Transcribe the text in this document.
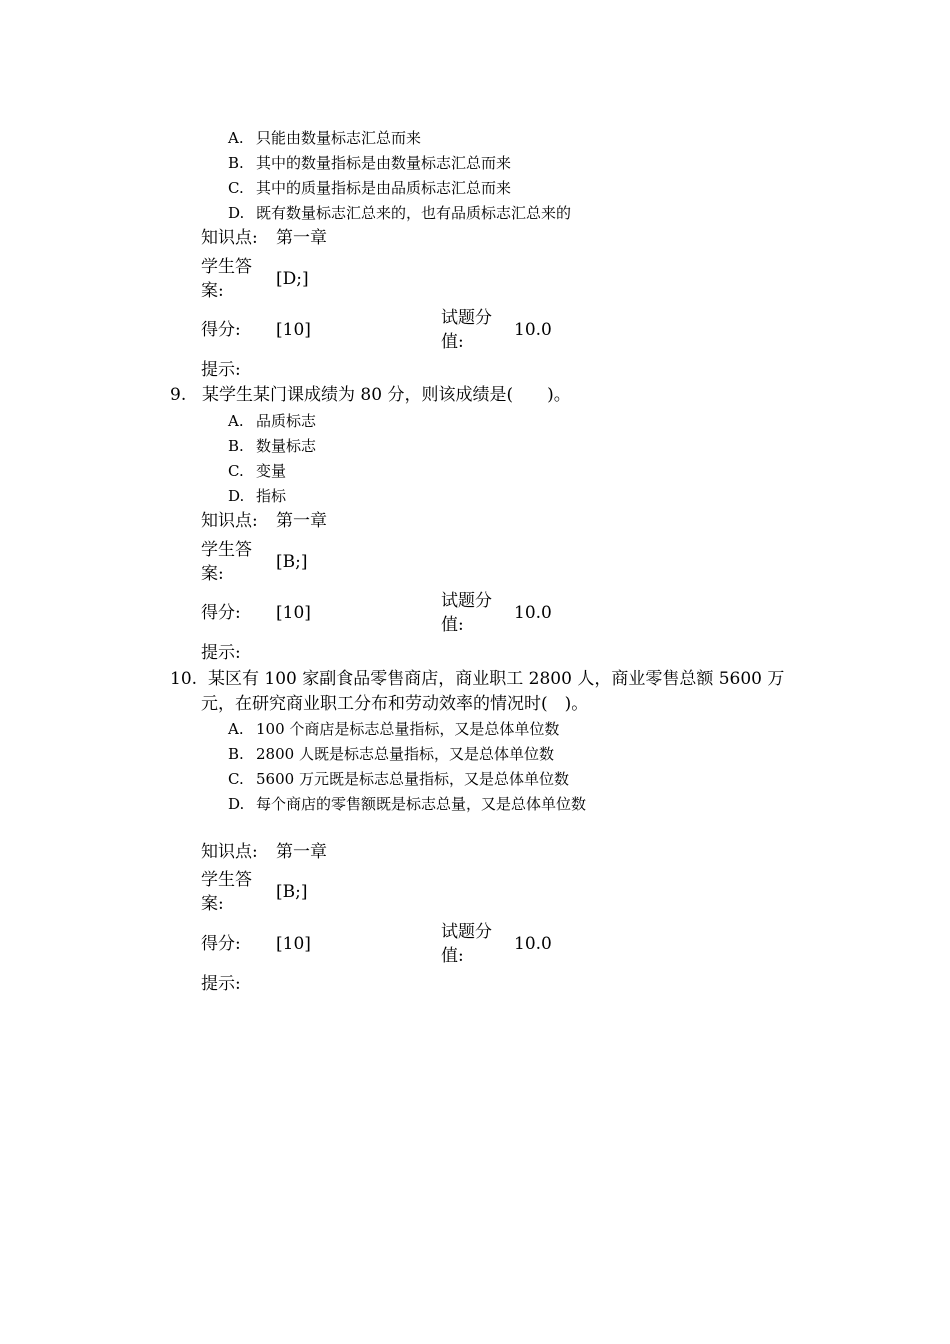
A. 只能由数量标志汇总而来
B. 其中的数量指标是由数量标志汇总而来
C. 其中的质量指标是由品质标志汇总而来
D. 既有数量标志汇总来的，也有品质标志汇总来的
知识点: 第一章
学生答案:
[D;]
得分: [10]
试题分值:
10.0
提示:
9. 某学生某门课成绩为 80 分，则该成绩是(　　)。
A. 品质标志
B. 数量标志
C. 变量
D. 指标
知识点: 第一章
学生答案:
[B;]
得分: [10]
试题分值:
10.0
提示:
10. 某区有 100 家副食品零售商店，商业职工 2800 人，商业零售总额 5600 万
元，在研究商业职工分布和劳动效率的情况时(　)。
A. 100 个商店是标志总量指标，又是总体单位数
B. 2800 人既是标志总量指标，又是总体单位数
C. 5600 万元既是标志总量指标，又是总体单位数
D. 每个商店的零售额既是标志总量，又是总体单位数
知识点: 第一章
学生答案:
[B;]
得分: [10]
试题分值:
10.0
提示:
